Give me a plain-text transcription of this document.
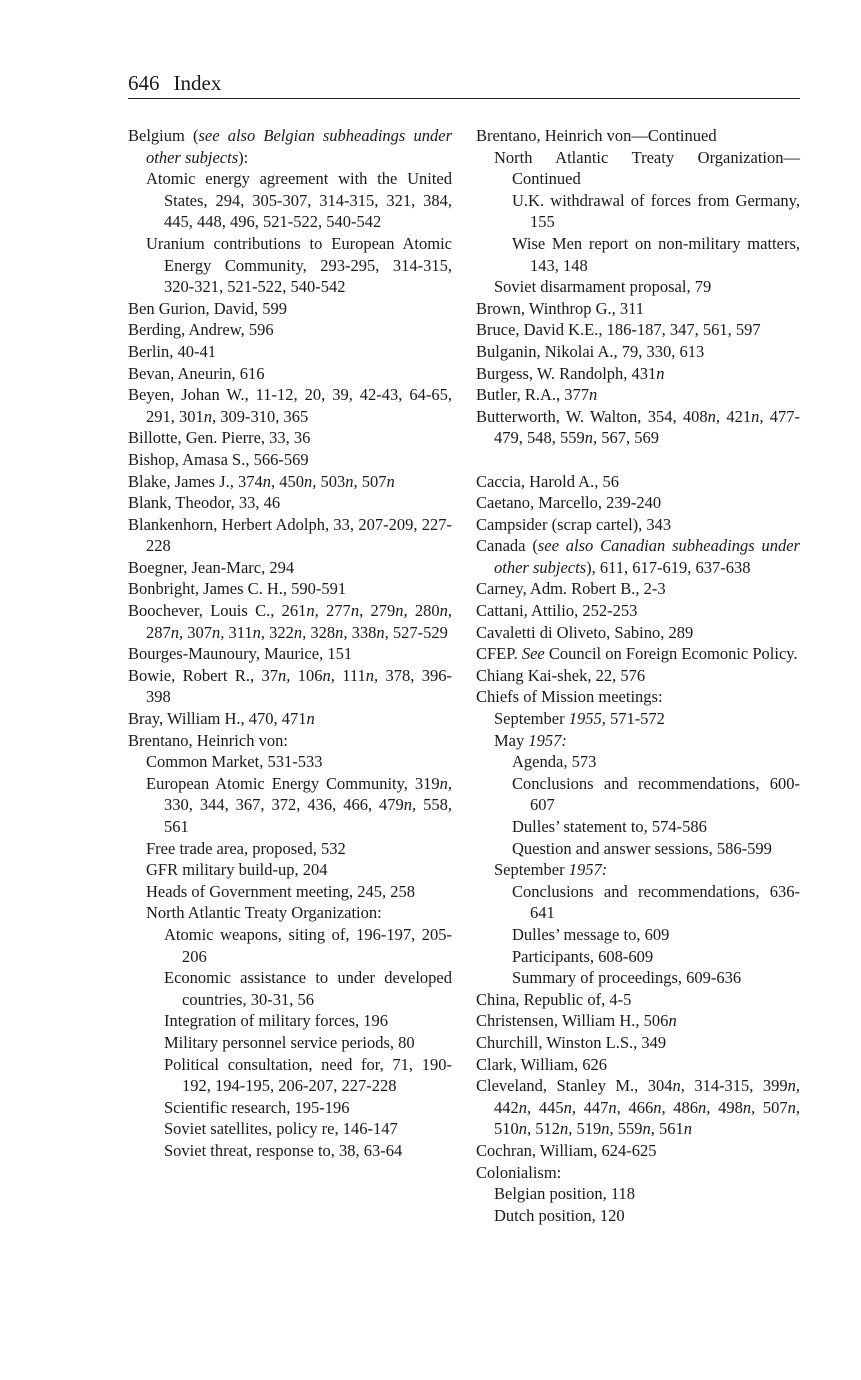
646 Index
Belgium (see also Belgian subheadings under other subjects):
Atomic energy agreement with the United States, 294, 305-307, 314-315, 321, 384, 445, 448, 496, 521-522, 540-542
Uranium contributions to European Atomic Energy Community, 293-295, 314-315, 320-321, 521-522, 540-542
Ben Gurion, David, 599
Berding, Andrew, 596
Berlin, 40-41
Bevan, Aneurin, 616
Beyen, Johan W., 11-12, 20, 39, 42-43, 64-65, 291, 301n, 309-310, 365
Billotte, Gen. Pierre, 33, 36
Bishop, Amasa S., 566-569
Blake, James J., 374n, 450n, 503n, 507n
Blank, Theodor, 33, 46
Blankenhorn, Herbert Adolph, 33, 207-209, 227-228
Boegner, Jean-Marc, 294
Bonbright, James C. H., 590-591
Boochever, Louis C., 261n, 277n, 279n, 280n, 287n, 307n, 311n, 322n, 328n, 338n, 527-529
Bourges-Maunoury, Maurice, 151
Bowie, Robert R., 37n, 106n, 111n, 378, 396-398
Bray, William H., 470, 471n
Brentano, Heinrich von:
Common Market, 531-533
European Atomic Energy Community, 319n, 330, 344, 367, 372, 436, 466, 479n, 558, 561
Free trade area, proposed, 532
GFR military build-up, 204
Heads of Government meeting, 245, 258
North Atlantic Treaty Organization:
Atomic weapons, siting of, 196-197, 205-206
Economic assistance to under developed countries, 30-31, 56
Integration of military forces, 196
Military personnel service periods, 80
Political consultation, need for, 71, 190-192, 194-195, 206-207, 227-228
Scientific research, 195-196
Soviet satellites, policy re, 146-147
Soviet threat, response to, 38, 63-64
Brentano, Heinrich von—Continued
North Atlantic Treaty Organization—Continued
U.K. withdrawal of forces from Germany, 155
Wise Men report on non-military matters, 143, 148
Soviet disarmament proposal, 79
Brown, Winthrop G., 311
Bruce, David K.E., 186-187, 347, 561, 597
Bulganin, Nikolai A., 79, 330, 613
Burgess, W. Randolph, 431n
Butler, R.A., 377n
Butterworth, W. Walton, 354, 408n, 421n, 477-479, 548, 559n, 567, 569
Caccia, Harold A., 56
Caetano, Marcello, 239-240
Campsider (scrap cartel), 343
Canada (see also Canadian subheadings under other subjects), 611, 617-619, 637-638
Carney, Adm. Robert B., 2-3
Cattani, Attilio, 252-253
Cavaletti di Oliveto, Sabino, 289
CFEP. See Council on Foreign Ecomonic Policy.
Chiang Kai-shek, 22, 576
Chiefs of Mission meetings:
September 1955, 571-572
May 1957:
Agenda, 573
Conclusions and recommendations, 600-607
Dulles’ statement to, 574-586
Question and answer sessions, 586-599
September 1957:
Conclusions and recommendations, 636-641
Dulles’ message to, 609
Participants, 608-609
Summary of proceedings, 609-636
China, Republic of, 4-5
Christensen, William H., 506n
Churchill, Winston L.S., 349
Clark, William, 626
Cleveland, Stanley M., 304n, 314-315, 399n, 442n, 445n, 447n, 466n, 486n, 498n, 507n, 510n, 512n, 519n, 559n, 561n
Cochran, William, 624-625
Colonialism:
Belgian position, 118
Dutch position, 120
